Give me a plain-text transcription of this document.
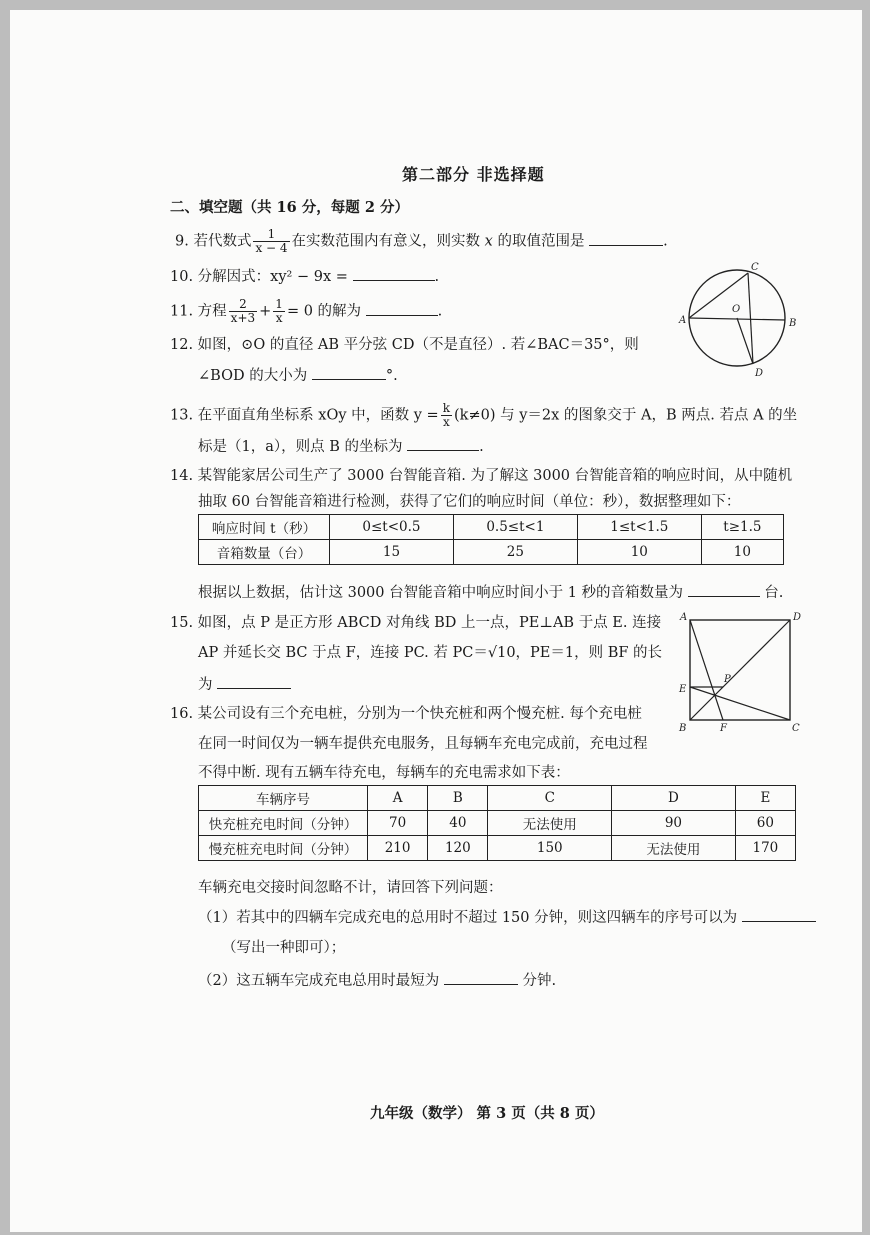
第二部分 非选择题
二、填空题（共 16 分，每题 2 分）
9. 若代数式 $\frac{1}{x - 4}$ 在实数范围内有意义，则实数 x 的取值范围是	.
10. 分解因式：xy² − 9x =	.
11. 方程 $\frac{2}{x+3} + \frac{1}{x} = 0$ 的解为	.
12. 如图，⊙O 的直径 AB 平分弦 CD（不是直径）. 若∠BAC＝35°，则
∠BOD 的大小为	°.
C
O
A	B
D
13. 在平面直角坐标系 xOy 中，函数 $y = \frac{k}{x} (k\ne 0)$ 与 y＝2x 的图象交于 A，B 两点. 若点 A 的坐
标是（1，a），则点 B 的坐标为	.
14. 某智能家居公司生产了 3000 台智能音箱. 为了解这 3000 台智能音箱的响应时间，从中随机
抽取 60 台智能音箱进行检测，获得了它们的响应时间（单位：秒），数据整理如下：
响应时间 t（秒）	0≤t<0.5	0.5≤t<1	1≤t<1.5	t≥1.5
音箱数量（台）	15	25	10	10
根据以上数据，估计这 3000 台智能音箱中响应时间小于 1 秒的音箱数量为	台.
15. 如图，点 P 是正方形 ABCD 对角线 BD 上一点，PE⊥AB 于点 E. 连接
AP 并延长交 BC 于点 F，连接 PC. 若 PC＝√10，PE＝1，则 BF 的长
为
A	D
P
E
B	F	C
16. 某公司设有三个充电桩，分别为一个快充桩和两个慢充桩. 每个充电桩
在同一时间仅为一辆车提供充电服务，且每辆车充电完成前，充电过程
不得中断. 现有五辆车待充电，每辆车的充电需求如下表：
车辆序号	A	B	C	D	E
快充桩充电时间（分钟）	70	40	无法使用	90	60
慢充桩充电时间（分钟）	210	120	150	无法使用	170
车辆充电交接时间忽略不计，请回答下列问题：
（1）若其中的四辆车完成充电的总用时不超过 150 分钟，则这四辆车的序号可以为
（写出一种即可）；
（2）这五辆车完成充电总用时最短为	分钟.
九年级（数学） 第 3 页（共 8 页）
